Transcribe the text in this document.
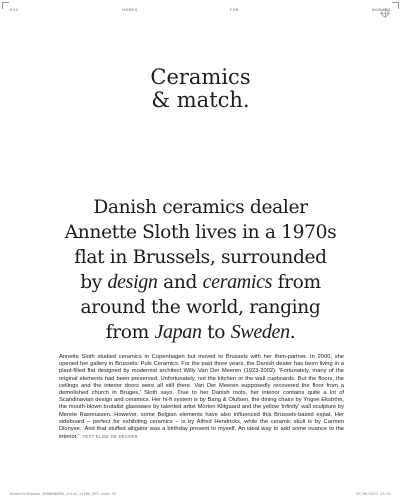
052	HOMES	FOR	NOMADS
Ceramics
& match.
Danish ceramics dealer
Annette Sloth lives in a 1970s
flat in Brussels, surrounded
by design and ceramics from
around the world, ranging
from Japan to Sweden.
Annette Sloth studied ceramics in Copenhagen but moved to Brussels with her then-partner. In 2000, she opened her gallery in Brussels: Puls Ceramics. For the past three years, the Danish dealer has been living in a plant-filled flat designed by modernist architect Willy Van Der Meeren (1923-2002). 'Fortunately, many of the original elements had been preserved. Unfortunately, not the kitchen or the wall cupboards. But the floors, the ceilings and the interior doors were all still there. Van Der Meeren supposedly recovered the floor from a demolished church in Bruges,' Sloth says. True to her Danish roots, her interior contains quite a lot of Scandinavian design and ceramics. Her hi-fi system is by Bang & Olufsen, the dining chairs by Yngve Ekström, the mouth-blown brutalist glassware by talented artist Morten Klitgaard and the yellow 'infinity' wall sculpture by Merete Rasmussen. However, some Belgian elements have also influenced this Brussels-based expat. Her sideboard – perfect for exhibiting ceramics – is by Alfred Hendrickx, while the ceramic skull is by Carmen Dionyse. 'And that stuffed alligator was a birthday present to myself. An ideal way to add some nuance to the interior.' TEXT ELISE DE DECKER
HomesforNomads_BINNENWERK_chick_22P08_DEF.indd 52	07/06/2021 13:52
